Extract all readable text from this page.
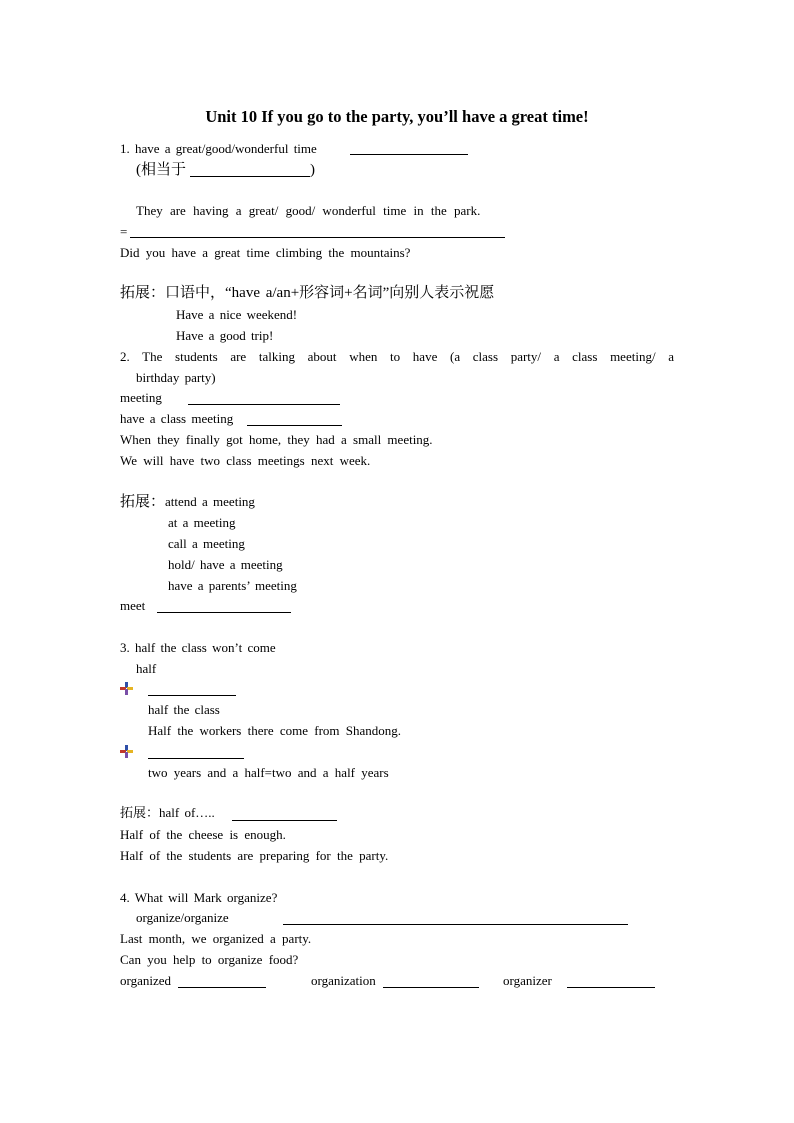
Unit 10 If you go to the party, you’ll have a great time!
1. have a great/good/wonderful time
(相当于	)
They are having a great/ good/ wonderful time in the park.
=
Did you have a great time climbing the mountains?
拓展：口语中，“have a/an+形容词+名词”向别人表示祝愿
Have a nice weekend!
Have a good trip!
2. The students are talking about when to have (a class party/ a class meeting/ a
birthday party)
meeting
have a class meeting
When they finally got home, they had a small meeting.
We will have two class meetings next week.
拓展：attend a meeting
at a meeting
call a meeting
hold/ have a meeting
have a parents’ meeting
meet
3. half the class won’t come
half
half the class
Half the workers there come from Shandong.
two years and a half=two and a half years
拓展：half of…..
Half of the cheese is enough.
Half of the students are preparing for the party.
4. What will Mark organize?
organize/organize
Last month, we organized a party.
Can you help to organize food?
organized	organization	organizer
